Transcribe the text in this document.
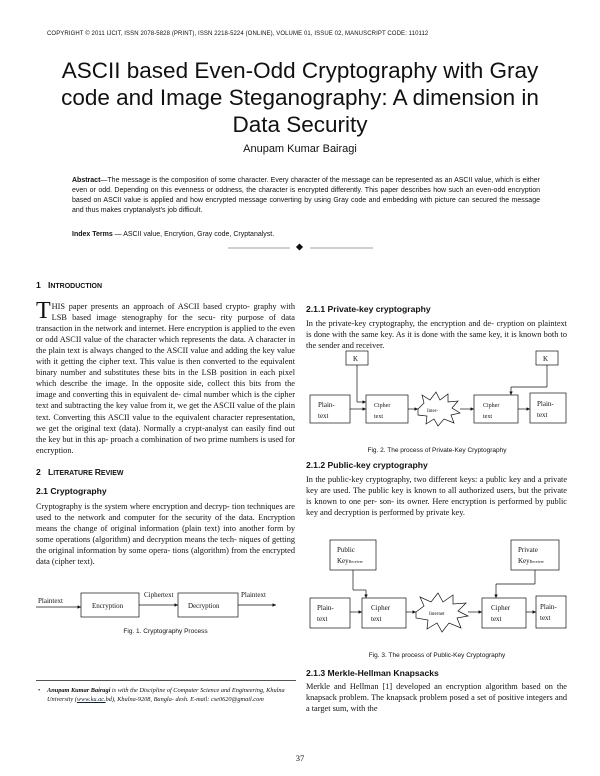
COPYRIGHT © 2011 IJCIT, ISSN 2078-5828 (PRINT), ISSN 2218-5224 (ONLINE), VOLUME 01, ISSUE 02, MANUSCRIPT CODE: 110112
ASCII based Even-Odd Cryptography with Gray
code and Image Steganography: A dimension in
Data Security
Anupam Kumar Bairagi
Abstract—The message is the composition of some character. Every character of the message can be represented as an ASCII value, which is either even or odd. Depending on this evenness or oddness, the character is encrypted differently. This paper describes how such an even-odd encryption based on ASCII value is applied and how encrypted message converting by using Gray code and embedding with picture can secured the message and thus makes cryptanalyst's job difficult.
Index Terms — ASCII value, Encrytion, Gray code, Cryptanalyst.
1 INTRODUCTION

THIS paper presents an approach of ASCII based crypto- graphy with LSB based image stenography for the secu- rity purpose of data transaction in the network and internet. Here encryption is applied to the even or odd ASCII value of the character which represents the data. A character in the plain text is always changed to the ASCII value and adding the key value with it getting the cipher text. This value is then converted to the equivalent binary number and substitutes these bits in the LSB position in each pixel which describe the image. In the opposite side, collect this bits from the image and converting this in equivalent de- cimal number which is the cipher text and subtracting the key value from it, we get the ASCII value of the plain text. Converting this ASCII value to the equivalent character representation, we get the original text (data). Normally a crypt-analyst can easily find out the key but in this ap- proach a combination of two prime numbers is used for encryption.

2 LITERATURE REVIEW
2.1 Cryptography

Cryptography is the system where encryption and decryp- tion techniques are used to the network and computer for the security of the data. Encryption means the change of original information (plain text) into another form by some operations (algorithm) and decryption means the tech- niques of getting the original information by some opera- tions (algorithm) from the encrypted data (cipher text).

Plaintext
Encryption
Ciphertext
Decryption
Plaintext
Fig. 1. Cryptography Process
• Anupam Kumar Bairagi is with the Discipline of Computer Science and Engineering, Khulna University (www.ku.ac.bd), Khulna-9208, Bangla- desh. E-mail: cse0620@gmail.com
2.1.1 Private-key cryptography

In the private-key cryptography, the encryption and de- cryption on plaintext is done with the same key. As it is done with the same key, it is known both to the sender and receiver.

K	K
Plain-
text
Cipher
text
Inter-
Cipher
text
Plain-
text
Fig. 2. The process of Private-Key Cryptography
2.1.2 Public-key cryptography

In the public-key cryptography, two different keys: a public key and a private key are used. The public key is known to all authorized users, but the private is known to one per- son- its owner. Here encryption is performed by public key and decryption is performed by private key.

Public
KeyReceiver
Private
KeyReceiver
Plain-
text
Cipher
text
Internet
Cipher
text
Plain-
text
Fig. 3. The process of Public-Key Cryptography
2.1.3 Merkle-Hellman Knapsacks

Merkle and Hellman [1] developed an encryption algorithm based on the knapsack problem. The knapsack problem posed a set of positive integers and a target sum, with the

37
